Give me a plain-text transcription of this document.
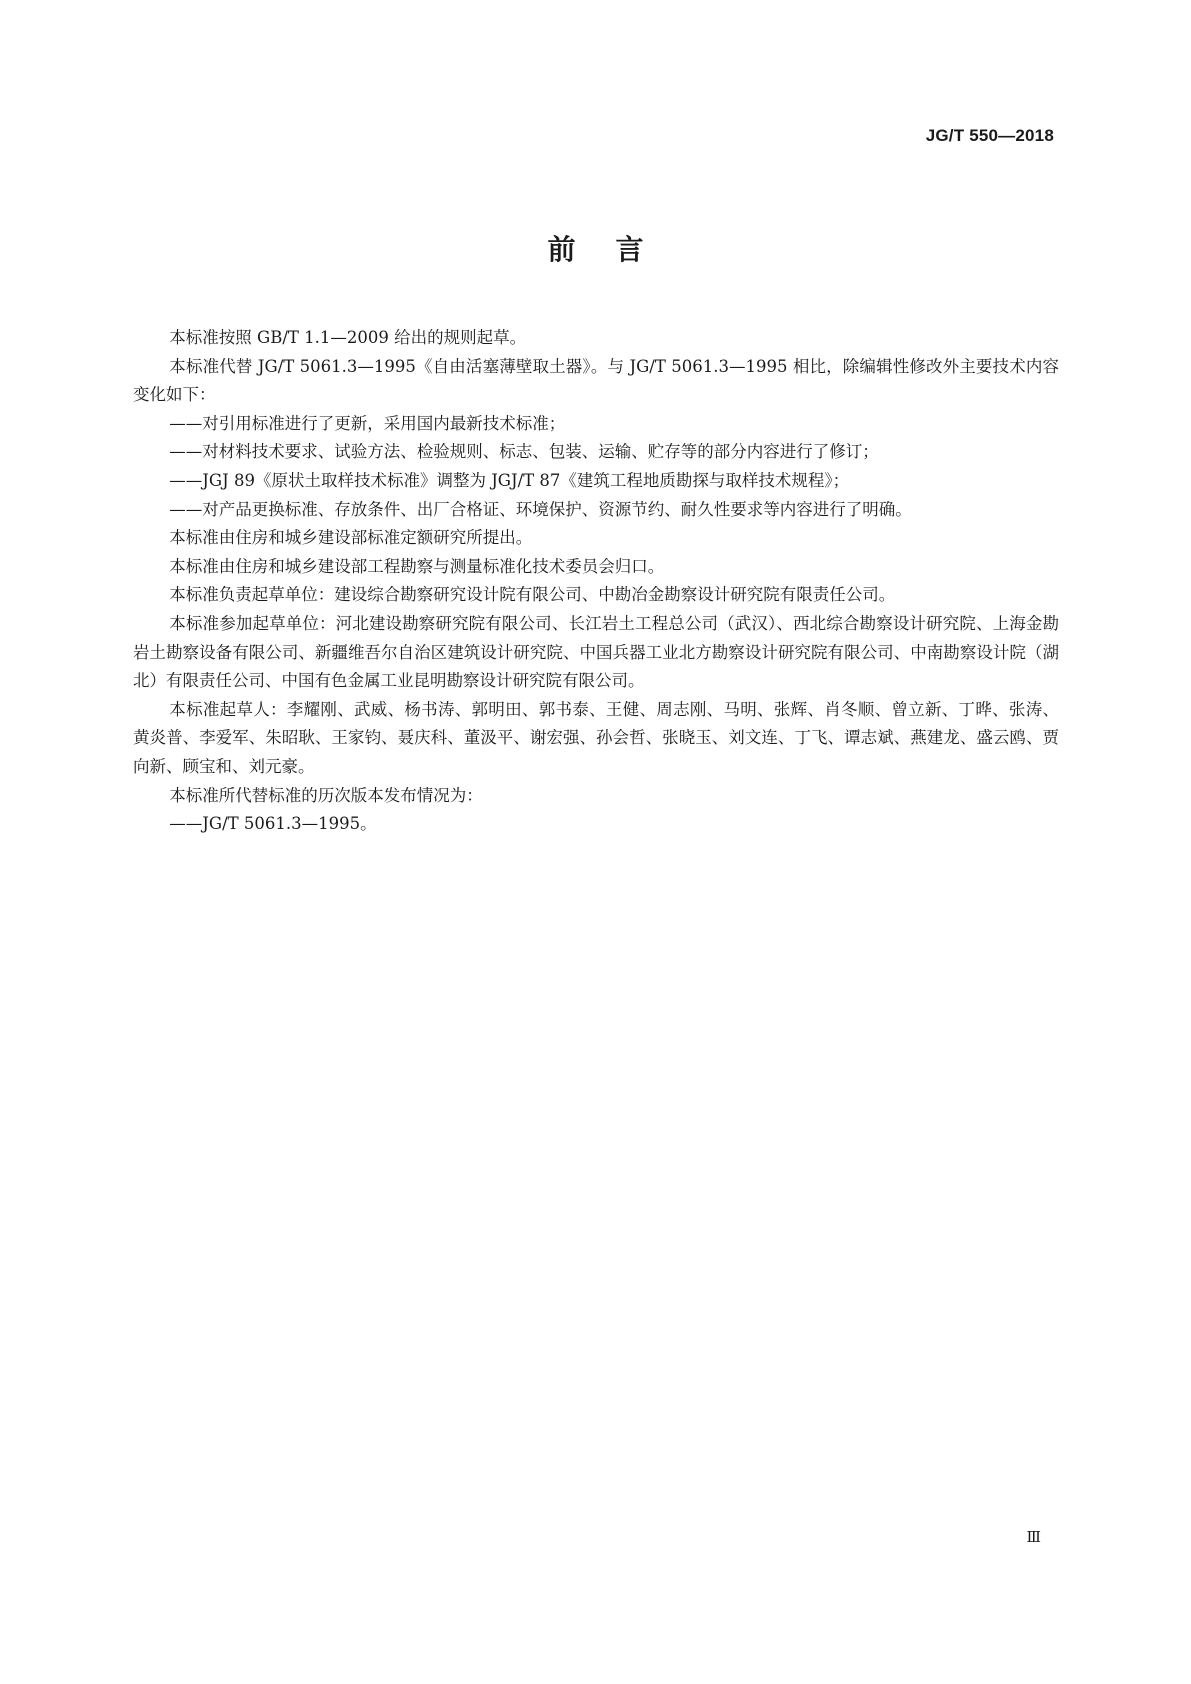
JG/T 550—2018
前言

本标准按照 GB/T 1.1—2009 给出的规则起草。

本标准代替 JG/T 5061.3—1995《自由活塞薄壁取土器》。与 JG/T 5061.3—1995 相比，除编辑性修改外主要技术内容变化如下：

——对引用标准进行了更新，采用国内最新技术标准；

——对材料技术要求、试验方法、检验规则、标志、包装、运输、贮存等的部分内容进行了修订；

——JGJ 89《原状土取样技术标准》调整为 JGJ/T 87《建筑工程地质勘探与取样技术规程》；

——对产品更换标准、存放条件、出厂合格证、环境保护、资源节约、耐久性要求等内容进行了明确。

本标准由住房和城乡建设部标准定额研究所提出。

本标准由住房和城乡建设部工程勘察与测量标准化技术委员会归口。

本标准负责起草单位：建设综合勘察研究设计院有限公司、中勘冶金勘察设计研究院有限责任公司。

本标准参加起草单位：河北建设勘察研究院有限公司、长江岩土工程总公司（武汉）、西北综合勘察设计研究院、上海金勘岩土勘察设备有限公司、新疆维吾尔自治区建筑设计研究院、中国兵器工业北方勘察设计研究院有限公司、中南勘察设计院（湖北）有限责任公司、中国有色金属工业昆明勘察设计研究院有限公司。

本标准起草人：李耀刚、武威、杨书涛、郭明田、郭书泰、王健、周志刚、马明、张辉、肖冬顺、曾立新、丁晔、张涛、黄炎普、李爱军、朱昭耿、王家钧、聂庆科、董汲平、谢宏强、孙会哲、张晓玉、刘文连、丁飞、谭志斌、燕建龙、盛云鸥、贾向新、顾宝和、刘元豪。

本标准所代替标准的历次版本发布情况为：

——JG/T 5061.3—1995。

Ⅲ
